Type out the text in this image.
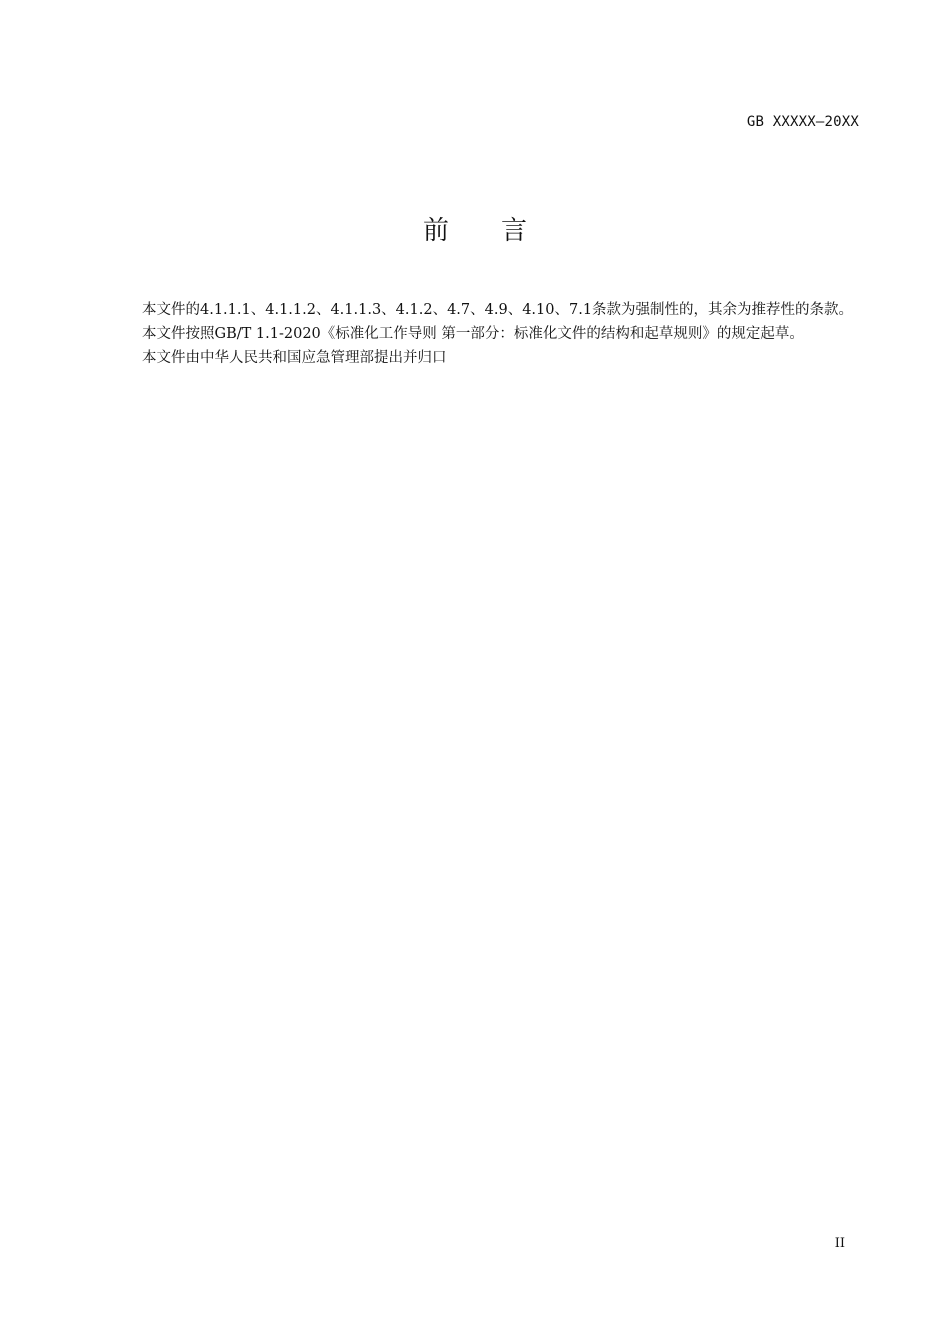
GB XXXXX—20XX
前言

本文件的4.1.1.1、4.1.1.2、4.1.1.3、4.1.2、4.7、4.9、4.10、7.1条款为强制性的，其余为推荐性的条款。

本文件按照GB/T 1.1-2020《标准化工作导则 第一部分：标准化文件的结构和起草规则》的规定起草。

本文件由中华人民共和国应急管理部提出并归口

II
